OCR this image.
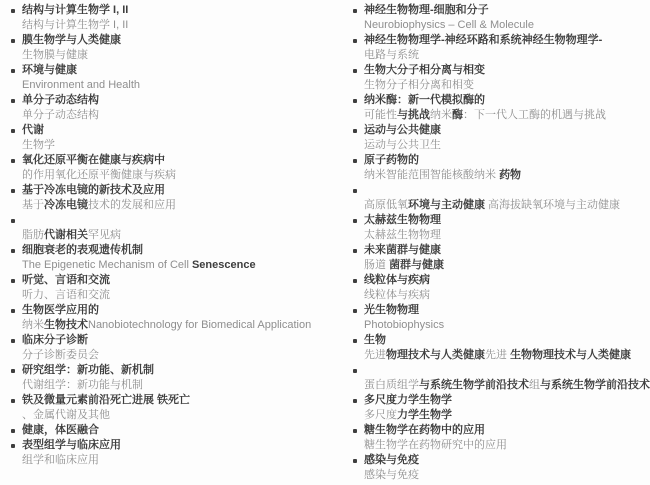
结构与计算生物学 I, II
结构与计算生物学 I, II
膜生物学与人类健康
生物膜与健康
环境与健康
Environment and Health
单分子动态结构
单分子动态结构
代谢
生物学
氧化还原平衡在健康与疾病中
的作用氧化还原平衡健康与疾病
基于冷冻电镜的新技术及应用
基于冷冻电镜技术的发展和应用
脂肪代谢相关罕见病
细胞衰老的表观遗传机制
The Epigenetic Mechanism of Cell Senescence
听觉、言语和交流
听力、言语和交流
生物医学应用的
纳米生物技术Nanobiotechnology for Biomedical Application
临床分子诊断
分子诊断委员会
研究组学：新功能、新机制
代谢组学：新功能与机制
铁及微量元素前沿死亡进展 铁死亡
、金属代谢及其他
健康，体医融合
表型组学与临床应用
组学和临床应用
神经生物物理-细胞和分子
Neurobiophysics – Cell & Molecule
神经生物物理学-神经环路和系统神经生物物理学-
电路与系统
生物大分子相分离与相变
生物分子相分离和相变
纳米酶：新一代模拟酶的
可能性与挑战纳米酶：下一代人工酶的机遇与挑战
运动与公共健康
运动与公共卫生
原子药物的
纳米智能范围智能核酸纳米 药物
高原低氧环境与主动健康 高海拔缺氧环境与主动健康
太赫兹生物物理
太赫兹生物物理
未来菌群与健康
肠道 菌群与健康
线粒体与疾病
线粒体与疾病
光生物物理
Photobiophysics
生物
先进物理技术与人类健康先进 生物物理技术与人类健康
蛋白质组学与系统生物学前沿技术组与系统生物学前沿技术
多尺度力学生物学
多尺度力学生物学
糖生物学在药物中的应用
糖生物学在药物研究中的应用
感染与免疫
感染与免疫
